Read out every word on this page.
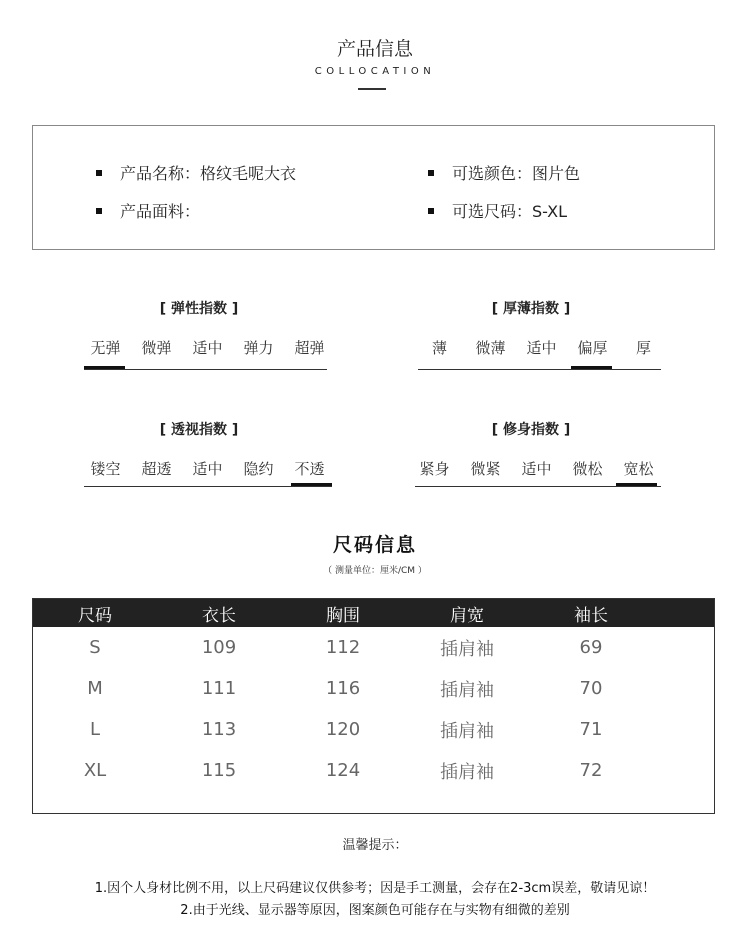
产品信息
COLLOCATION
产品名称：格纹毛呢大衣
产品面料：
可选颜色：图片色
可选尺码：S-XL
[ 弹性指数 ]
无弹	微弹	适中	弹力	超弹
[ 厚薄指数 ]
薄	微薄	适中	偏厚	厚
[ 透视指数 ]
镂空	超透	适中	隐约	不透
[ 修身指数 ]
紧身	微紧	适中	微松	宽松
尺码信息
（ 测量单位：厘米/CM ）
尺码	衣长	胸围	肩宽	袖长
S	109	112	插肩袖	69
M	111	116	插肩袖	70
L	113	120	插肩袖	71
XL	115	124	插肩袖	72
温馨提示：
1.因个人身材比例不用，以上尺码建议仅供参考；因是手工测量，会存在2-3cm误差，敬请见谅！
2.由于光线、显示器等原因，图案颜色可能存在与实物有细微的差别
